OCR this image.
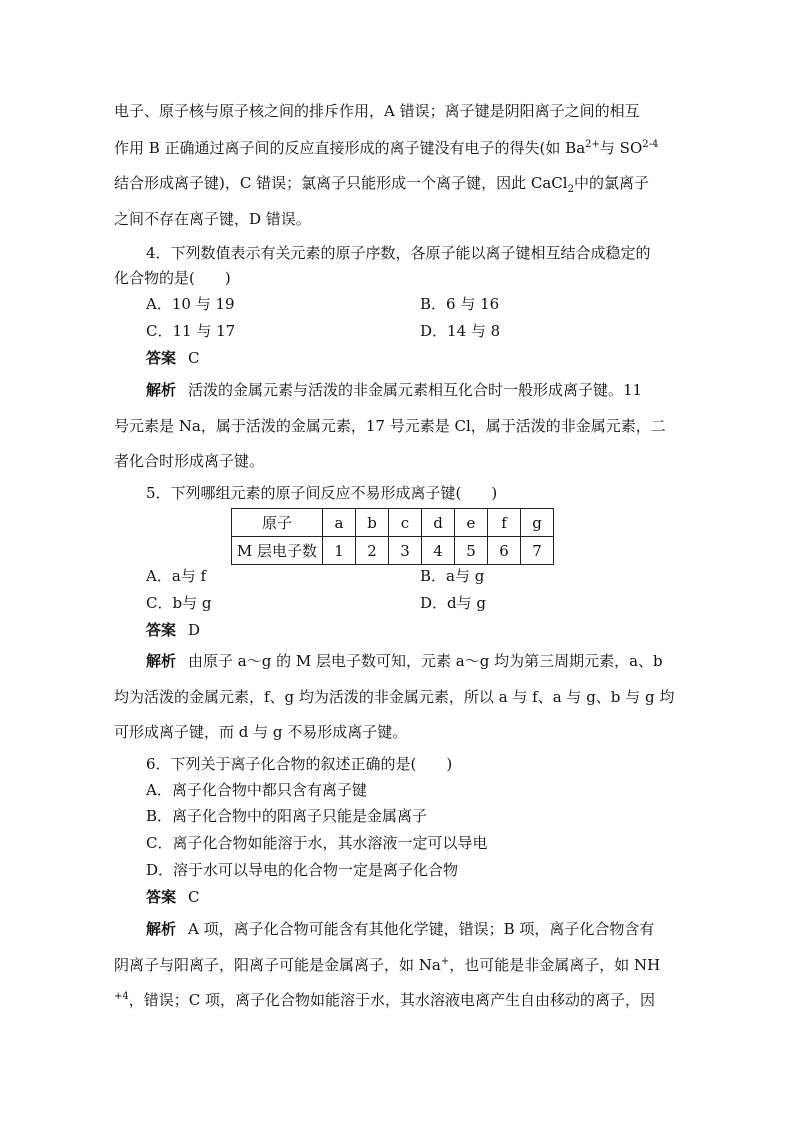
电子、原子核与原子核之间的排斥作用，A 错误；离子键是阴阳离子之间的相互
作用 B 正确通过离子间的反应直接形成的离子键没有电子的得失(如 $Ba^{2+}$与 SO$^{2-4}$
结合形成离子键)，C 错误；氯离子只能形成一个离子键，因此 CaCl$_2$中的氯离子
之间不存在离子键，D 错误。
4．下列数值表示有关元素的原子序数，各原子能以离子键相互结合成稳定的
化合物的是(　　)
A．10 与 19	B．6 与 16
C．11 与 17	D．14 与 8
答案 C
解析 活泼的金属元素与活泼的非金属元素相互化合时一般形成离子键。11
号元素是 Na，属于活泼的金属元素，17 号元素是 Cl，属于活泼的非金属元素，二
者化合时形成离子键。
5．下列哪组元素的原子间反应不易形成离子键(　　)
原子	a	b	c	d	e	f	g
M 层电子数	1	2	3	4	5	6	7
A．a与 f	B．a与 g
C．b与 g	D．d与 g
答案 D
解析 由原子 a～g 的 M 层电子数可知，元素 a～g 均为第三周期元素，a、b
均为活泼的金属元素，f、g 均为活泼的非金属元素，所以 a 与 f、a 与 g、b 与 g 均
可形成离子键，而 d 与 g 不易形成离子键。
6．下列关于离子化合物的叙述正确的是(　　)
A．离子化合物中都只含有离子键
B．离子化合物中的阳离子只能是金属离子
C．离子化合物如能溶于水，其水溶液一定可以导电
D．溶于水可以导电的化合物一定是离子化合物
答案 C
解析 A 项，离子化合物可能含有其他化学键，错误；B 项，离子化合物含有
阴离子与阳离子，阳离子可能是金属离子，如 Na+，也可能是非金属离子，如 NH
$^{+4}$，错误；C 项，离子化合物如能溶于水，其水溶液电离产生自由移动的离子，因
